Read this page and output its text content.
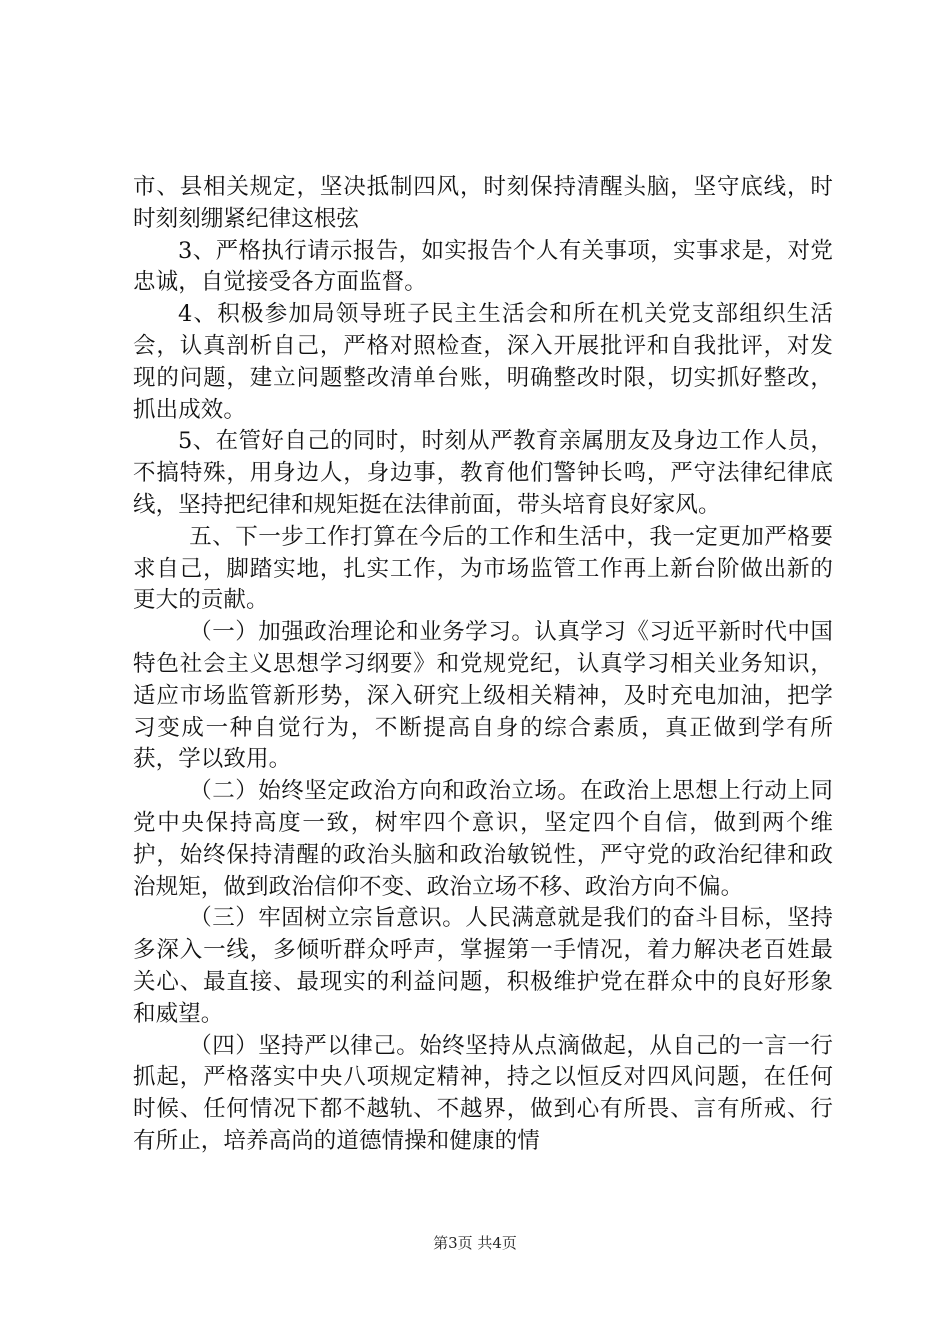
市、县相关规定，坚决抵制四风，时刻保持清醒头脑，坚守底线，时时刻刻绷紧纪律这根弦

3、严格执行请示报告，如实报告个人有关事项，实事求是，对党忠诚，自觉接受各方面监督。

4、积极参加局领导班子民主生活会和所在机关党支部组织生活会，认真剖析自己，严格对照检查，深入开展批评和自我批评，对发现的问题，建立问题整改清单台账，明确整改时限，切实抓好整改，抓出成效。

5、在管好自己的同时，时刻从严教育亲属朋友及身边工作人员，不搞特殊，用身边人，身边事，教育他们警钟长鸣，严守法律纪律底线，坚持把纪律和规矩挺在法律前面，带头培育良好家风。

五、下一步工作打算在今后的工作和生活中，我一定更加严格要求自己，脚踏实地，扎实工作，为市场监管工作再上新台阶做出新的更大的贡献。

（一）加强政治理论和业务学习。认真学习《习近平新时代中国特色社会主义思想学习纲要》和党规党纪，认真学习相关业务知识，适应市场监管新形势，深入研究上级相关精神，及时充电加油，把学习变成一种自觉行为，不断提高自身的综合素质，真正做到学有所获，学以致用。

（二）始终坚定政治方向和政治立场。在政治上思想上行动上同党中央保持高度一致，树牢四个意识，坚定四个自信，做到两个维护，始终保持清醒的政治头脑和政治敏锐性，严守党的政治纪律和政治规矩，做到政治信仰不变、政治立场不移、政治方向不偏。

（三）牢固树立宗旨意识。人民满意就是我们的奋斗目标，坚持多深入一线，多倾听群众呼声，掌握第一手情况，着力解决老百姓最关心、最直接、最现实的利益问题，积极维护党在群众中的良好形象和威望。

（四）坚持严以律己。始终坚持从点滴做起，从自己的一言一行抓起，严格落实中央八项规定精神，持之以恒反对四风问题，在任何时候、任何情况下都不越轨、不越界，做到心有所畏、言有所戒、行有所止，培养高尚的道德情操和健康的情

第3页 共4页
